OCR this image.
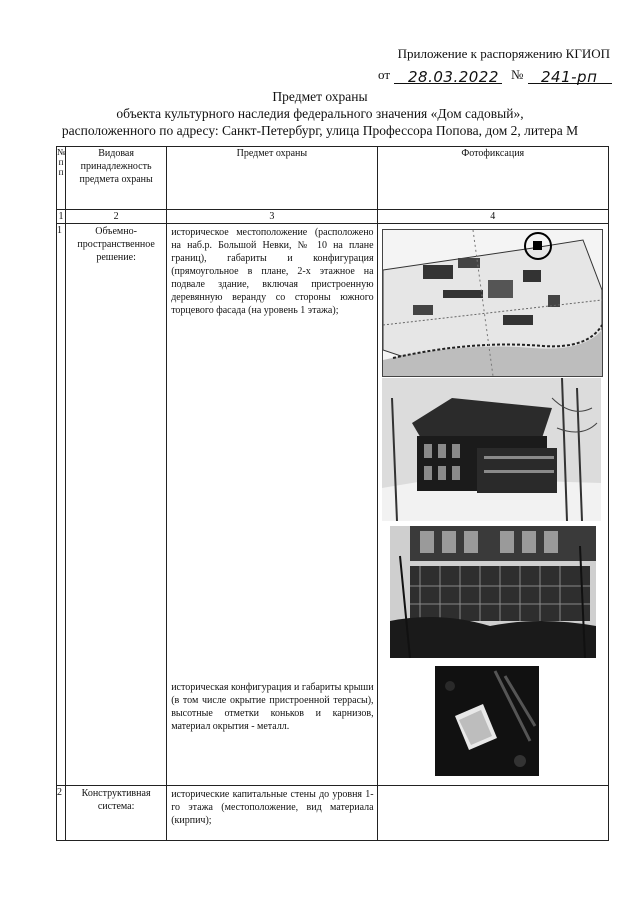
Приложение к распоряжению КГИОП
от 28.03.2022 № 241-рп
Предмет охраны
объекта культурного наследия федерального значения «Дом садовый»,
расположенного по адресу: Санкт-Петербург, улица Профессора Попова, дом 2, литера М
№ п п	Видовая принадлежность предмета охраны	Предмет охраны	Фотофиксация
1	2	3	4
1	Объемно-пространственное решение:	историческое местоположение (расположено на наб.р. Большой Невки, № 10 на плане границ), габариты и конфигурация (прямоугольное в плане, 2-х этажное на подвале здание, включая пристроенную деревянную веранду со стороны южного торцевого фасада (на уровень 1 этажа);
историческая конфигурация и габариты крыши (в том числе окрытие пристроенной террасы), высотные отметки коньков и карнизов, материал окрытия - металл.

2	Конструктивная система:	исторические капитальные стены до уровня 1-го этажа (местоположение, вид материала (кирпич);	
